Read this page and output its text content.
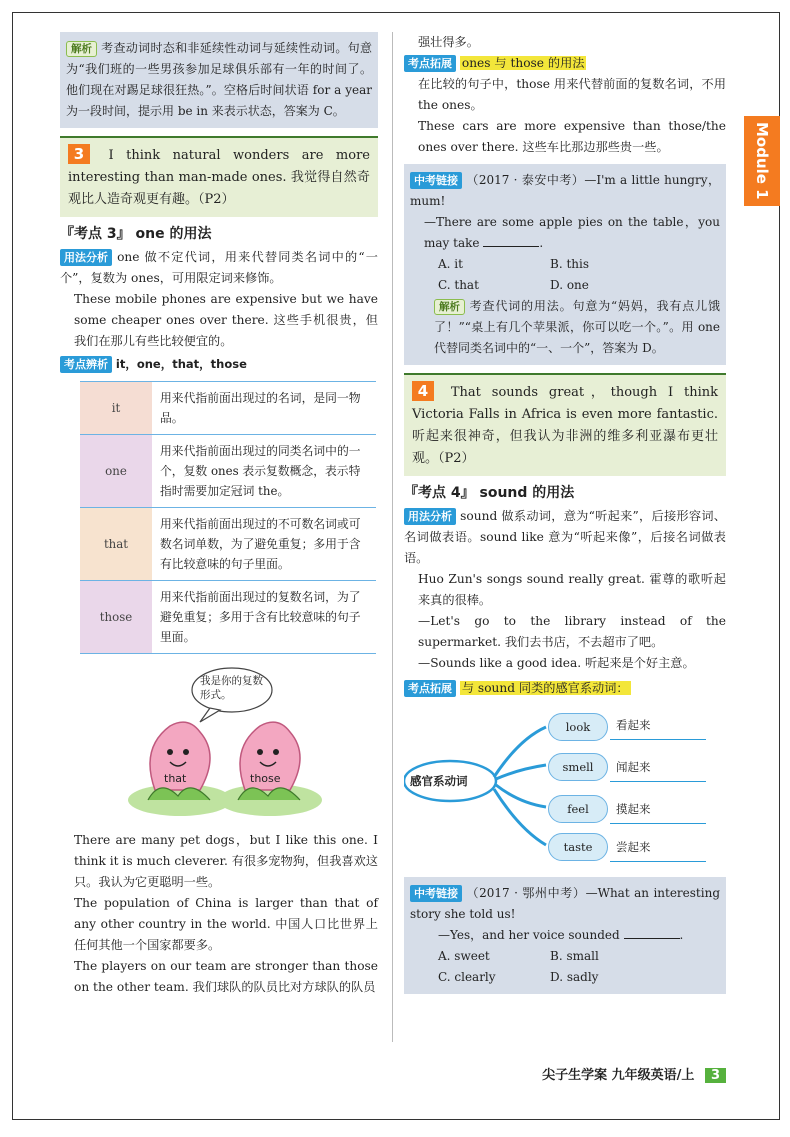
解析 考查动词时态和非延续性动词与延续性动词。句意为“我们班的一些男孩参加足球俱乐部有一年的时间了。他们现在对踢足球很狂热。”。空格后时间状语 for a year 为一段时间，提示用 be in 来表示状态，答案为 C。

3 I think natural wonders are more interesting than man-made ones. 我觉得自然奇观比人造奇观更有趣。（P2）

『考点 3』 one 的用法

用法分析 one 做不定代词，用来代替同类名词中的“一个”，复数为 ones，可用限定词来修饰。

These mobile phones are expensive but we have some cheaper ones over there. 这些手机很贵，但我们在那儿有些比较便宜的。

考点辨析 it，one，that，those

it	用来代指前面出现过的名词，是同一物品。
one	用来代指前面出现过的同类名词中的一个，复数 ones 表示复数概念，表示特指时需要加定冠词 the。
that	用来代指前面出现过的不可数名词或可数名词单数，为了避免重复；多用于含有比较意味的句子里面。
those	用来代指前面出现过的复数名词，为了避免重复；多用于含有比较意味的句子里面。
我是你的复数形式。
that	those

There are many pet dogs，but I like this one. I think it is much cleverer. 有很多宠物狗，但我喜欢这只。我认为它更聪明一些。

The population of China is larger than that of any other country in the world. 中国人口比世界上任何其他一个国家都要多。

The players on our team are stronger than those on the other team. 我们球队的队员比对方球队的队员

强壮得多。

考点拓展 ones 与 those 的用法

在比较的句子中，those 用来代替前面的复数名词，不用 the ones。

These cars are more expensive than those/the ones over there. 这些车比那边那些贵一些。

中考链接 （2017 · 泰安中考）—I'm a little hungry，mum!

—There are some apple pies on the table，you may take	.

A. it	B. this
C. that	D. one

解析 考查代词的用法。句意为“妈妈，我有点儿饿了！”“桌上有几个苹果派，你可以吃一个。”。用 one 代替同类名词中的“一、一个”，答案为 D。

4 That sounds great，though I think Victoria Falls in Africa is even more fantastic. 听起来很神奇，但我认为非洲的维多利亚瀑布更壮观。（P2）

『考点 4』 sound 的用法

用法分析 sound 做系动词，意为“听起来”，后接形容词、名词做表语。sound like 意为“听起来像”，后接名词做表语。

Huo Zun's songs sound really great. 霍尊的歌听起来真的很棒。

—Let's go to the library instead of the supermarket. 我们去书店，不去超市了吧。

—Sounds like a good idea. 听起来是个好主意。

考点拓展 与 sound 同类的感官系动词：

感官系动词
look	看起来
smell	闻起来
feel	摸起来
taste	尝起来

中考链接 （2017 · 鄂州中考）—What an interesting story she told us!

—Yes，and her voice sounded	.

A. sweet	B. small
C. clearly	D. sadly
Module 1
尖子生学案 九年级英语/上 3
